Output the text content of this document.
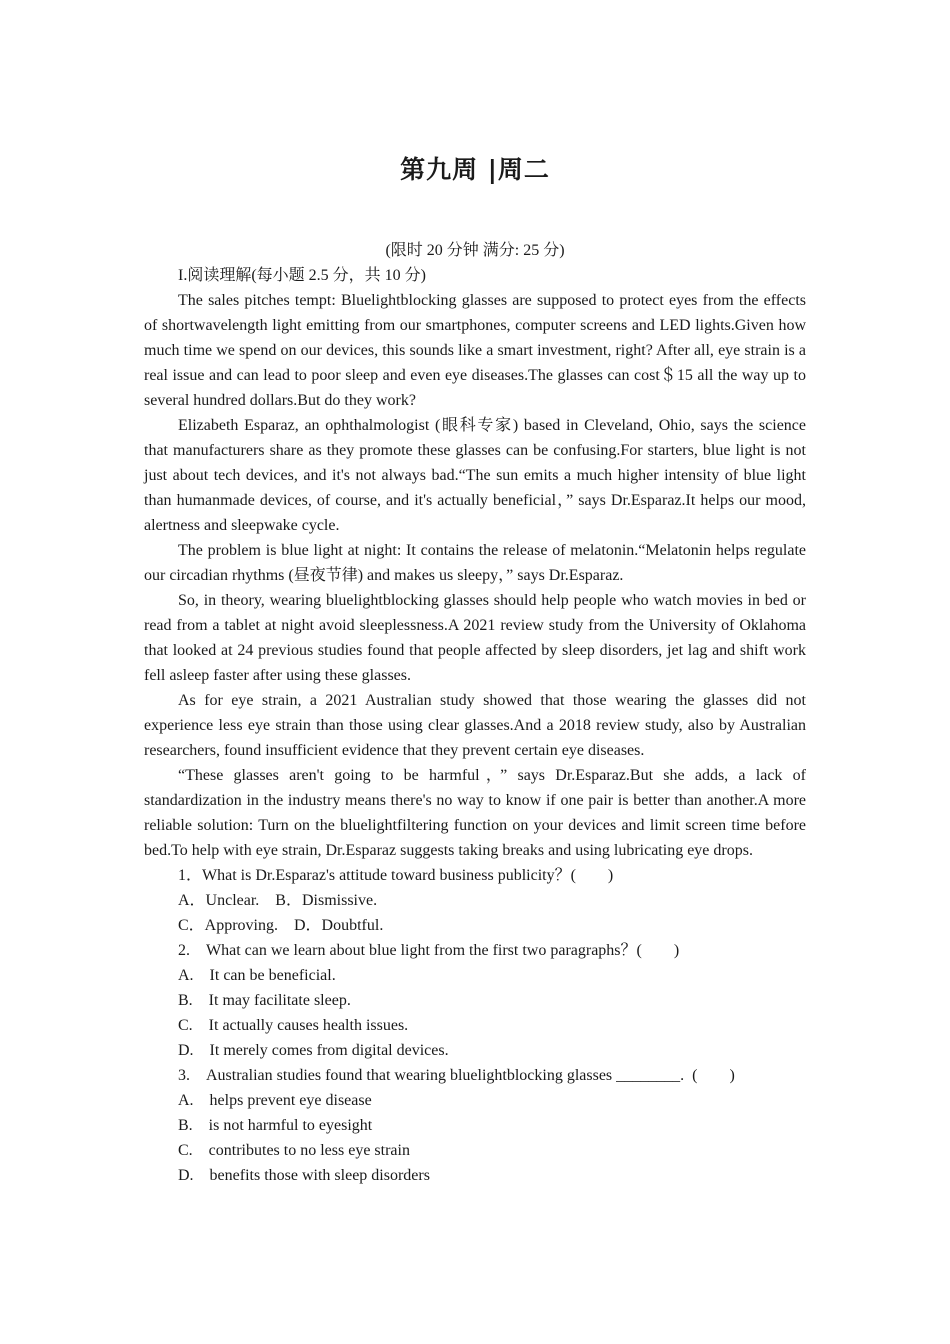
第九周 |周二

(限时 20 分钟 满分: 25 分)

I.阅读理解(每小题 2.5 分，共 10 分)

The sales pitches tempt: Bluelightblocking glasses are supposed to protect eyes from the effects of shortwavelength light emitting from our smartphones, computer screens and LED lights.Given how much time we spend on our devices, this sounds like a smart investment, right? After all, eye strain is a real issue and can lead to poor sleep and even eye diseases.The glasses can cost＄15 all the way up to several hundred dollars.But do they work?

Elizabeth Esparaz, an ophthalmologist (眼科专家) based in Cleveland, Ohio, says the science that manufacturers share as they promote these glasses can be confusing.For starters, blue light is not just about tech devices, and it's not always bad.“The sun emits a much higher intensity of blue light than humanmade devices, of course, and it's actually beneficial，” says Dr.Esparaz.It helps our mood, alertness and sleepwake cycle.

The problem is blue light at night: It contains the release of melatonin.“Melatonin helps regulate our circadian rhythms (昼夜节律) and makes us sleepy，” says Dr.Esparaz.

So, in theory, wearing bluelightblocking glasses should help people who watch movies in bed or read from a tablet at night avoid sleeplessness.A 2021 review study from the University of Oklahoma that looked at 24 previous studies found that people affected by sleep disorders, jet lag and shift work fell asleep faster after using these glasses.

As for eye strain, a 2021 Australian study showed that those wearing the glasses did not experience less eye strain than those using clear glasses.And a 2018 review study, also by Australian researchers, found insufficient evidence that they prevent certain eye diseases.

“These glasses aren't going to be harmful，” says Dr.Esparaz.But she adds, a lack of standardization in the industry means there's no way to know if one pair is better than another.A more reliable solution: Turn on the bluelightfiltering function on your devices and limit screen time before bed.To help with eye strain, Dr.Esparaz suggests taking breaks and using lubricating eye drops.

1．What is Dr.Esparaz's attitude toward business publicity？(　　)

A．Unclear.　B．Dismissive.

C．Approving.　D．Doubtful.

2.　What can we learn about blue light from the first two paragraphs？(　　)

A.　It can be beneficial.

B.　It may facilitate sleep.

C.　It actually causes health issues.

D.　It merely comes from digital devices.

3.　Australian studies found that wearing bluelightblocking glasses ________.  (　　)

A.　helps prevent eye disease

B.　is not harmful to eyesight

C.　contributes to no less eye strain

D.　benefits those with sleep disorders
